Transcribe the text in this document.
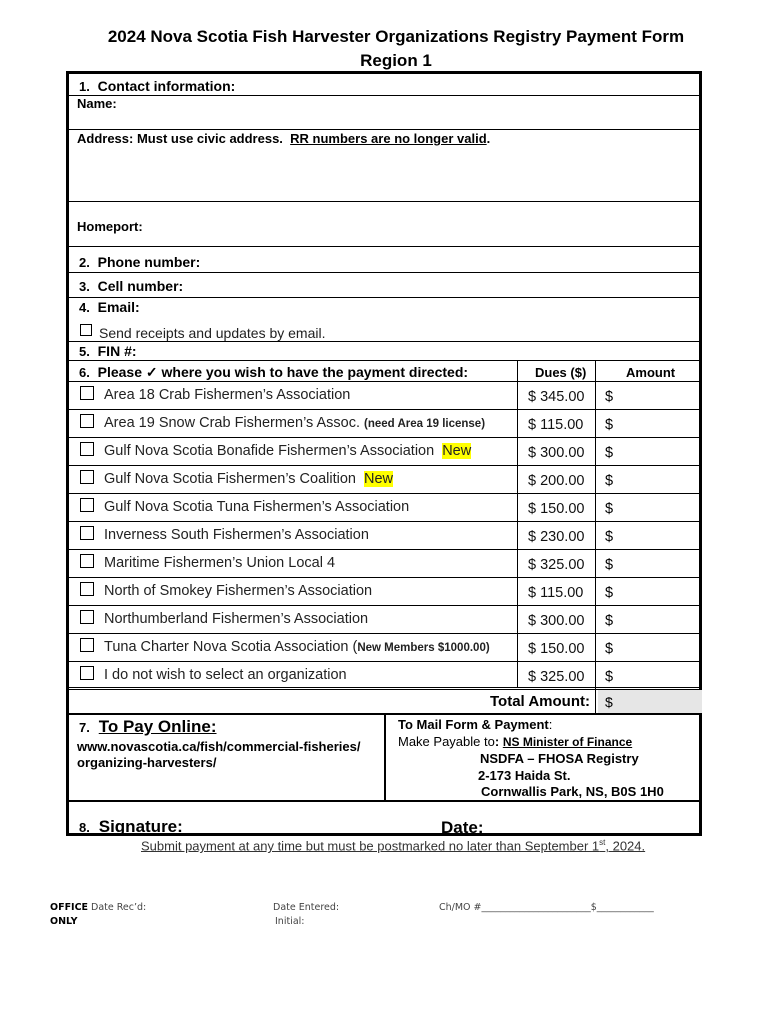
2024 Nova Scotia Fish Harvester Organizations Registry Payment Form
Region 1
1. Contact information:
Name:
Address: Must use civic address. RR numbers are no longer valid.
Homeport:
2. Phone number:
3. Cell number:
4. Email:
Send receipts and updates by email.
5. FIN #:
6. Please ✓ where you wish to have the payment directed:	Dues ($)	Amount
Area 18 Crab Fishermen’s Association	$ 345.00 $
Area 19 Snow Crab Fishermen’s Assoc. (need Area 19 license)	$ 115.00 $
Gulf Nova Scotia Bonafide Fishermen’s Association New	$ 300.00 $
Gulf Nova Scotia Fishermen’s Coalition New	$ 200.00 $
Gulf Nova Scotia Tuna Fishermen’s Association	$ 150.00 $
Inverness South Fishermen’s Association	$ 230.00 $
Maritime Fishermen’s Union Local 4	$ 325.00 $
North of Smokey Fishermen’s Association	$ 115.00 $
Northumberland Fishermen’s Association	$ 300.00 $
Tuna Charter Nova Scotia Association (New Members $1000.00)	$ 150.00 $
I do not wish to select an organization	$ 325.00 $
Total Amount: $
7. To Pay Online:
www.novascotia.ca/fish/commercial-fisheries/
organizing-harvesters/
To Mail Form & Payment:
Make Payable to: NS Minister of Finance
NSDFA – FHOSA Registry
2-173 Haida St.
Cornwallis Park, NS, B0S 1H0
8. Signature:	Date:
Submit payment at any time but must be postmarked no later than September 1st, 2024.
OFFICE
ONLY
Date Rec’d:	Date Entered:
Initial:
Ch/MO #_______________________$____________
